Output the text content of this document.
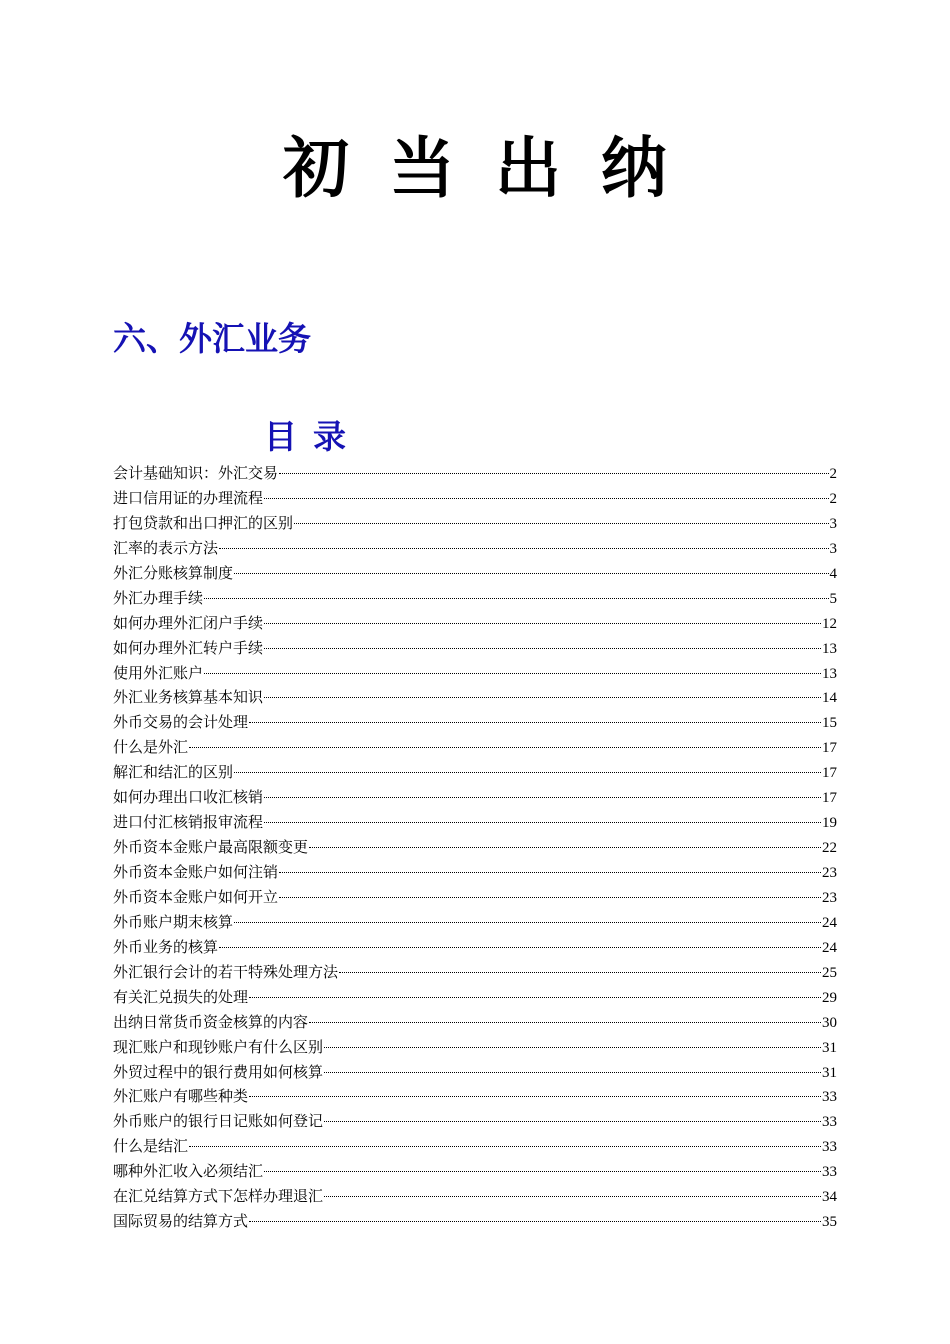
初当出纳
六、外汇业务
目录
会计基础知识：外汇交易	2
进口信用证的办理流程	2
打包贷款和出口押汇的区别	3
汇率的表示方法	3
外汇分账核算制度	4
外汇办理手续	5
如何办理外汇闭户手续	12
如何办理外汇转户手续	13
使用外汇账户	13
外汇业务核算基本知识	14
外币交易的会计处理	15
什么是外汇	17
解汇和结汇的区别	17
如何办理出口收汇核销	17
进口付汇核销报审流程	19
外币资本金账户最高限额变更	22
外币资本金账户如何注销	23
外币资本金账户如何开立	23
外币账户期末核算	24
外币业务的核算	24
外汇银行会计的若干特殊处理方法	25
有关汇兑损失的处理	29
出纳日常货币资金核算的内容	30
现汇账户和现钞账户有什么区别	31
外贸过程中的银行费用如何核算	31
外汇账户有哪些种类	33
外币账户的银行日记账如何登记	33
什么是结汇	33
哪种外汇收入必须结汇	33
在汇兑结算方式下怎样办理退汇	34
国际贸易的结算方式	35
